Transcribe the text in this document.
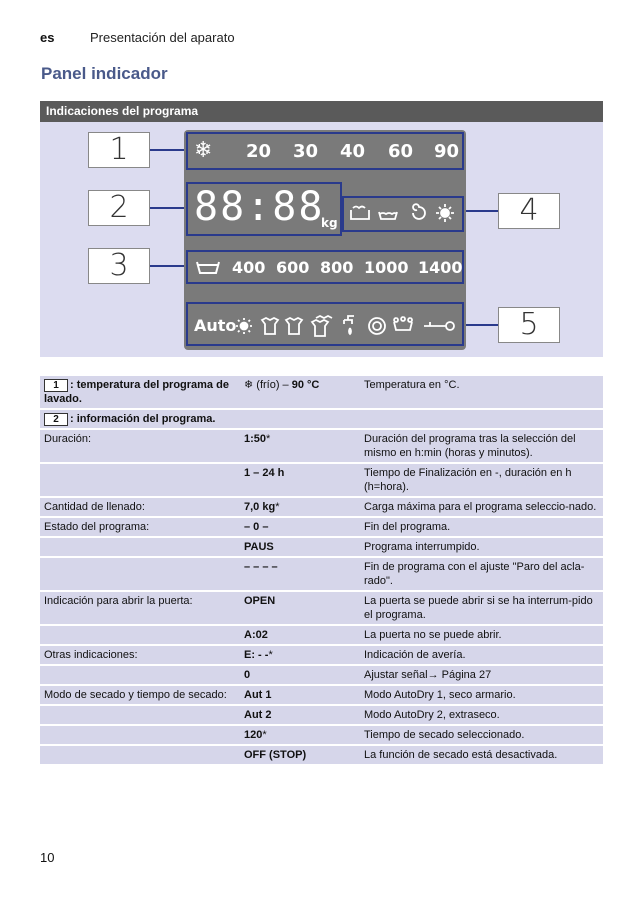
es	Presentación del aparato
Panel indicador
Indicaciones del programa
1
2
3
4
5
❄ 20 30 40 60 90
88:88
kg
400 600 800 1000 1400
Auto
1 : temperatura del programa de lavado.	❄ (frío) – 90 °C	Temperatura en °C.
2 : información del programa.		
Duración:	1:50*	Duración del programa tras la selección del mismo en h:min (horas y minutos).
	1 – 24 h	Tiempo de Finalización en -, duración en h (h=hora).
Cantidad de llenado:	7,0 kg*	Carga máxima para el programa seleccio-nado.
Estado del programa:	– 0 –	Fin del programa.
	PAUS	Programa interrumpido.
	– – – –	Fin de programa con el ajuste "Paro del acla-rado".
Indicación para abrir la puerta:	OPEN	La puerta se puede abrir si se ha interrum-pido el programa.
	A:02	La puerta no se puede abrir.
Otras indicaciones:	E: - -*	Indicación de avería.
	0	Ajustar señal→ Página 27
Modo de secado y tiempo de secado:	Aut 1	Modo AutoDry 1, seco armario.
	Aut 2	Modo AutoDry 2, extraseco.
	120*	Tiempo de secado seleccionado.
	OFF (STOP)	La función de secado está desactivada.
10
